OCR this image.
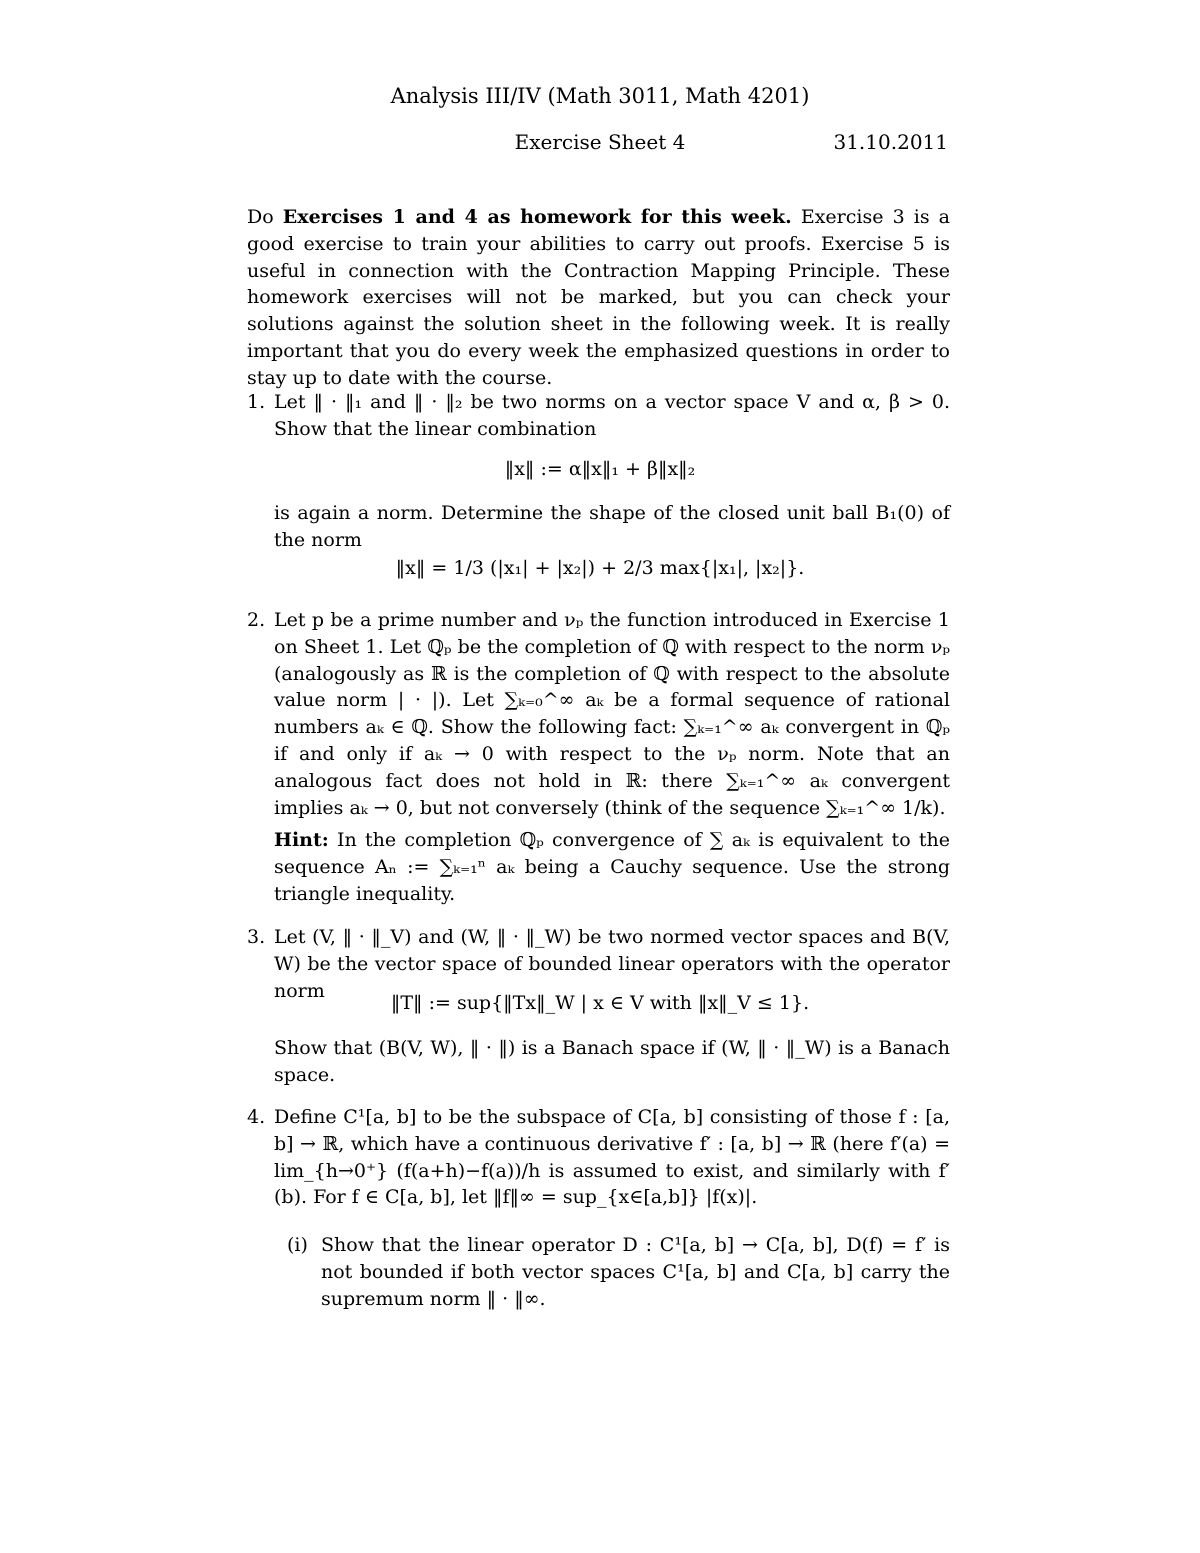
Analysis III/IV (Math 3011, Math 4201)
Exercise Sheet 4	31.10.2011
Do Exercises 1 and 4 as homework for this week. Exercise 3 is a good exercise to train your abilities to carry out proofs. Exercise 5 is useful in connection with the Contraction Mapping Principle. These homework exercises will not be marked, but you can check your solutions against the solution sheet in the following week. It is really important that you do every week the emphasized questions in order to stay up to date with the course.
1. Let ‖ · ‖₁ and ‖ · ‖₂ be two norms on a vector space V and α, β > 0. Show that the linear combination
‖x‖ := α‖x‖₁ + β‖x‖₂
is again a norm. Determine the shape of the closed unit ball B₁(0) of the norm
‖x‖ = 1/3 (|x₁| + |x₂|) + 2/3 max{|x₁|, |x₂|}.
2. Let p be a prime number and νₚ the function introduced in Exercise 1 on Sheet 1. Let ℚₚ be the completion of ℚ with respect to the norm νₚ (analogously as ℝ is the completion of ℚ with respect to the absolute value norm | · |). Let ∑ₖ₌₀^∞ aₖ be a formal sequence of rational numbers aₖ ∈ ℚ. Show the following fact: ∑ₖ₌₁^∞ aₖ convergent in ℚₚ if and only if aₖ → 0 with respect to the νₚ norm. Note that an analogous fact does not hold in ℝ: there ∑ₖ₌₁^∞ aₖ convergent implies aₖ → 0, but not conversely (think of the sequence ∑ₖ₌₁^∞ 1/k).
Hint: In the completion ℚₚ convergence of ∑ aₖ is equivalent to the sequence Aₙ := ∑ₖ₌₁ⁿ aₖ being a Cauchy sequence. Use the strong triangle inequality.
3. Let (V, ‖ · ‖_V) and (W, ‖ · ‖_W) be two normed vector spaces and B(V, W) be the vector space of bounded linear operators with the operator norm
‖T‖ := sup{‖Tx‖_W | x ∈ V with ‖x‖_V ≤ 1}.
Show that (B(V, W), ‖ · ‖) is a Banach space if (W, ‖ · ‖_W) is a Banach space.
4. Define C¹[a, b] to be the subspace of C[a, b] consisting of those f : [a, b] → ℝ, which have a continuous derivative f′ : [a, b] → ℝ (here f′(a) = lim_{h→0⁺} (f(a+h)−f(a))/h is assumed to exist, and similarly with f′(b). For f ∈ C[a, b], let ‖f‖∞ = sup_{x∈[a,b]} |f(x)|.
(i) Show that the linear operator D : C¹[a, b] → C[a, b], D(f) = f′ is not bounded if both vector spaces C¹[a, b] and C[a, b] carry the supremum norm ‖ · ‖∞.
